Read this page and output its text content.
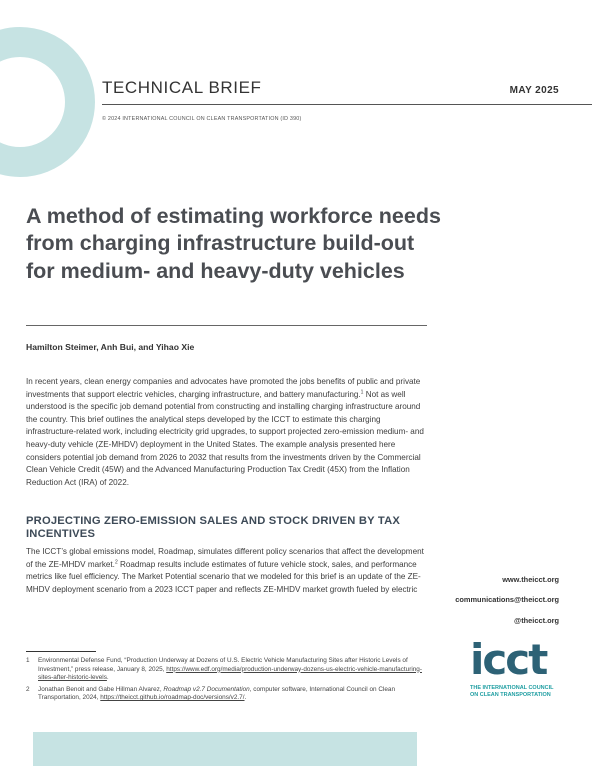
TECHNICAL BRIEF	MAY 2025
© 2024 INTERNATIONAL COUNCIL ON CLEAN TRANSPORTATION (ID 390)
A method of estimating workforce needs from charging infrastructure build-out for medium- and heavy-duty vehicles
Hamilton Steimer, Anh Bui, and Yihao Xie

In recent years, clean energy companies and advocates have promoted the jobs benefits of public and private investments that support electric vehicles, charging infrastructure, and battery manufacturing.$^1$ Not as well understood is the specific job demand potential from constructing and installing charging infrastructure around the country. This brief outlines the analytical steps developed by the ICCT to estimate this charging infrastructure-related work, including electricity grid upgrades, to support projected zero-emission medium- and heavy-duty vehicle (ZE-MHDV) deployment in the United States. The example analysis presented here considers potential job demand from 2026 to 2032 that results from the investments driven by the Commercial Clean Vehicle Credit (45W) and the Advanced Manufacturing Production Tax Credit (45X) from the Inflation Reduction Act (IRA) of 2022.

PROJECTING ZERO-EMISSION SALES AND STOCK DRIVEN BY TAX INCENTIVES

The ICCT’s global emissions model, Roadmap, simulates different policy scenarios that affect the development of the ZE-MHDV market.$^2$ Roadmap results include estimates of future vehicle stock, sales, and performance metrics like fuel efficiency. The Market Potential scenario that we modeled for this brief is an update of the ZE-MHDV deployment scenario from a 2023 ICCT paper and reflects ZE-MHDV market growth fueled by electric

1 Environmental Defense Fund, “Production Underway at Dozens of U.S. Electric Vehicle Manufacturing Sites after Historic Levels of Investment,” press release, January 8, 2025, https://www.edf.org/media/production-underway-dozens-us-electric-vehicle-manufacturing-sites-after-historic-levels.
2 Jonathan Benoit and Gabe Hillman Alvarez, Roadmap v2.7 Documentation, computer software, International Council on Clean Transportation, 2024, https://theicct.github.io/roadmap-doc/versions/v2.7/.
www.theicct.org
communications@theicct.org
@theicct.org
icct
THE INTERNATIONAL COUNCIL
ON CLEAN TRANSPORTATION
